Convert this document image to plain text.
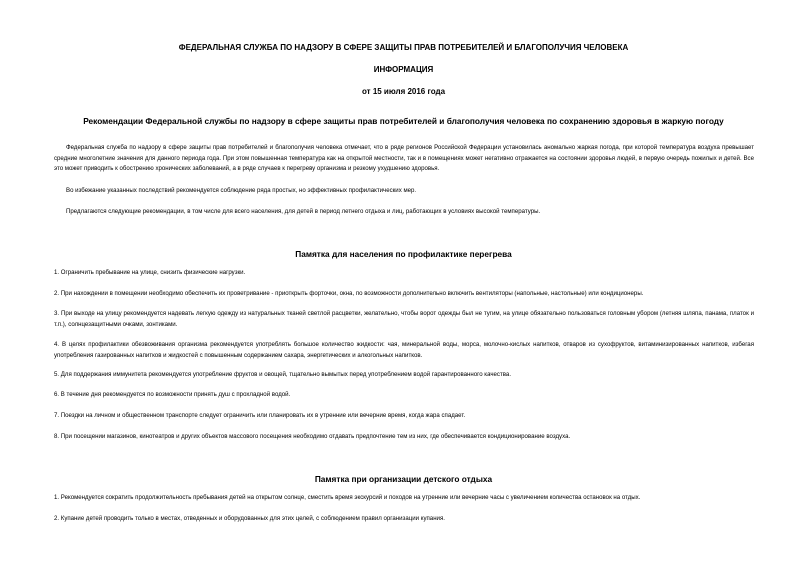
ФЕДЕРАЛЬНАЯ СЛУЖБА ПО НАДЗОРУ В СФЕРЕ ЗАЩИТЫ ПРАВ ПОТРЕБИТЕЛЕЙ И БЛАГОПОЛУЧИЯ ЧЕЛОВЕКА
ИНФОРМАЦИЯ
от 15 июля 2016 года
Рекомендации Федеральной службы по надзору в сфере защиты прав потребителей и благополучия человека по сохранению здоровья в жаркую погоду
Федеральная служба по надзору в сфере защиты прав потребителей и благополучия человека отмечает, что в ряде регионов Российской Федерации установилась аномально жаркая погода, при которой температура воздуха превышает средние многолетние значения для данного периода года. При этом повышенная температура как на открытой местности, так и в помещениях может негативно отражается на состоянии здоровья людей, в первую очередь пожилых и детей. Все это может приводить к обострению хронических заболеваний, а в ряде случаев к перегреву организма и резкому ухудшению здоровья.
Во избежание указанных последствий рекомендуется соблюдение ряда простых, но эффективных профилактических мер.
Предлагаются следующие рекомендации, в том числе для всего населения, для детей в период летнего отдыха и лиц, работающих в условиях высокой температуры.
Памятка для населения по профилактике перегрева
1. Ограничить пребывание на улице, снизить физические нагрузки.
2. При нахождении в помещении необходимо обеспечить их проветривание - приоткрыть форточки, окна, по возможности дополнительно включить вентиляторы (напольные, настольные) или кондиционеры.
3. При выходе на улицу рекомендуется надевать легкую одежду из натуральных тканей светлой расцветки, желательно, чтобы ворот одежды был не тугим, на улице обязательно пользоваться головным убором (летняя шляпа, панама, платок и т.п.), солнцезащитными очками, зонтиками.
4. В целях профилактики обезвоживания организма рекомендуется употреблять большое количество жидкости: чая, минеральной воды, морса, молочно-кислых напитков, отваров из сухофруктов, витаминизированных напитков, избегая употребления газированных напитков и жидкостей с повышенным содержанием сахара, энергетических и алкогольных напитков.
5. Для поддержания иммунитета рекомендуется употребление фруктов и овощей, тщательно вымытых перед употреблением водой гарантированного качества.
6. В течение дня рекомендуется по возможности принять душ с прохладной водой.
7. Поездки на личном и общественном транспорте следует ограничить или планировать их в утренние или вечерние время, когда жара спадает.
8. При посещении магазинов, кинотеатров и других объектов массового посещения необходимо отдавать предпочтение тем из них, где обеспечивается кондиционирование воздуха.
Памятка при организации детского отдыха
1. Рекомендуется сократить продолжительность пребывания детей на открытом солнце, сместить время экскурсий и походов на утренние или вечерние часы с увеличением количества остановок на отдых.
2. Купание детей проводить только в местах, отведенных и оборудованных для этих целей, с соблюдением правил организации купания.
